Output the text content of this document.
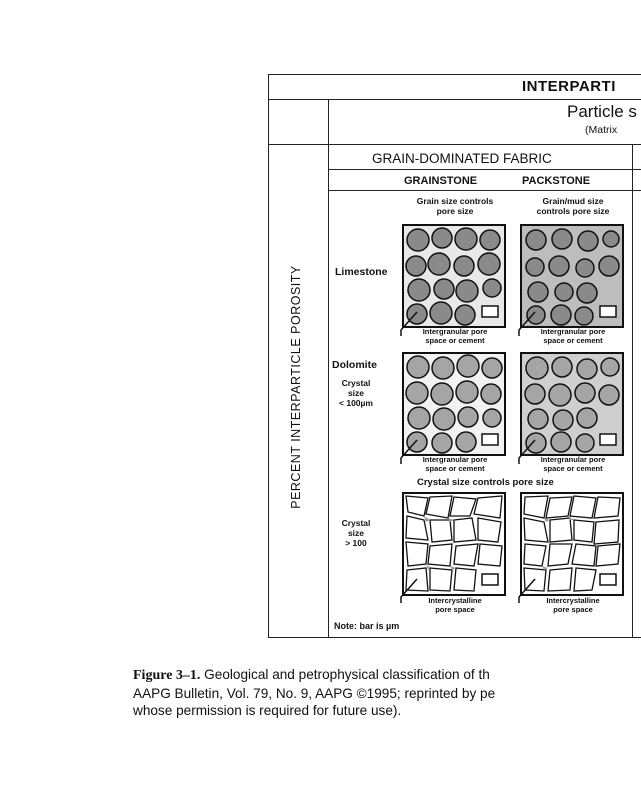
INTERPARTI
Particle s
(Matrix
GRAIN-DOMINATED FABRIC
GRAINSTONE	PACKSTONE
PERCENT INTERPARTICLE POROSITY
Grain size controls
pore size
Grain/mud size
controls pore size
Limestone
Intergranular pore
space or cement
Intergranular pore
space or cement
Dolomite
Crystal
size
< 100µm
Intergranular pore
space or cement
Intergranular pore
space or cement
Crystal size controls pore size
Crystal
size
> 100
Intercrystalline
pore space
Intercrystalline
pore space
Note: bar is µm
Figure 3–1. Geological and petrophysical classification of th
AAPG Bulletin, Vol. 79, No. 9, AAPG ©1995; reprinted by pe
whose permission is required for future use).
